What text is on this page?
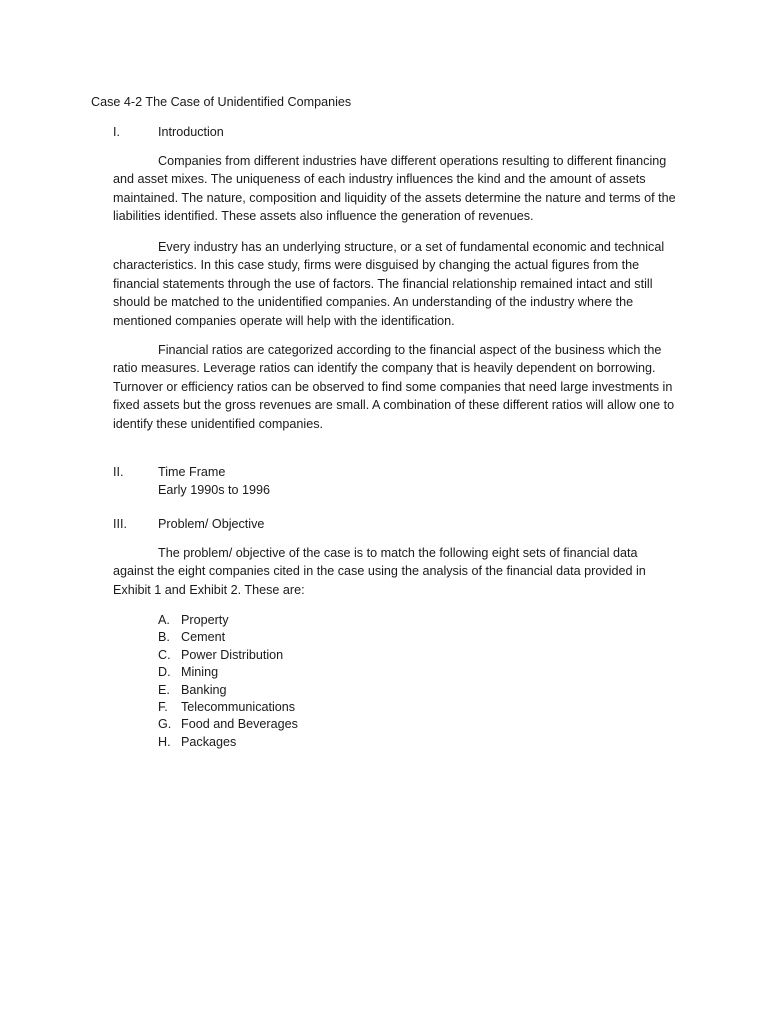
Case 4-2 The Case of Unidentified Companies
I.	Introduction

Companies from different industries have different operations resulting to different financing and asset mixes. The uniqueness of each industry influences the kind and the amount of assets maintained. The nature, composition and liquidity of the assets determine the nature and terms of the liabilities identified. These assets also influence the generation of revenues.

Every industry has an underlying structure, or a set of fundamental economic and technical characteristics. In this case study, firms were disguised by changing the actual figures from the financial statements through the use of factors. The financial relationship remained intact and still should be matched to the unidentified companies. An understanding of the industry where the mentioned companies operate will help with the identification.

Financial ratios are categorized according to the financial aspect of the business which the ratio measures. Leverage ratios can identify the company that is heavily dependent on borrowing. Turnover or efficiency ratios can be observed to find some companies that need large investments in fixed assets but the gross revenues are small. A combination of these different ratios will allow one to identify these unidentified companies.

II.	Time Frame
Early 1990s to 1996
III. Problem/ Objective

The problem/ objective of the case is to match the following eight sets of financial data against the eight companies cited in the case using the analysis of the financial data provided in Exhibit 1 and Exhibit 2. These are:

A. Property
B. Cement
C. Power Distribution
D. Mining
E. Banking
F. Telecommunications
G. Food and Beverages
H. Packages
